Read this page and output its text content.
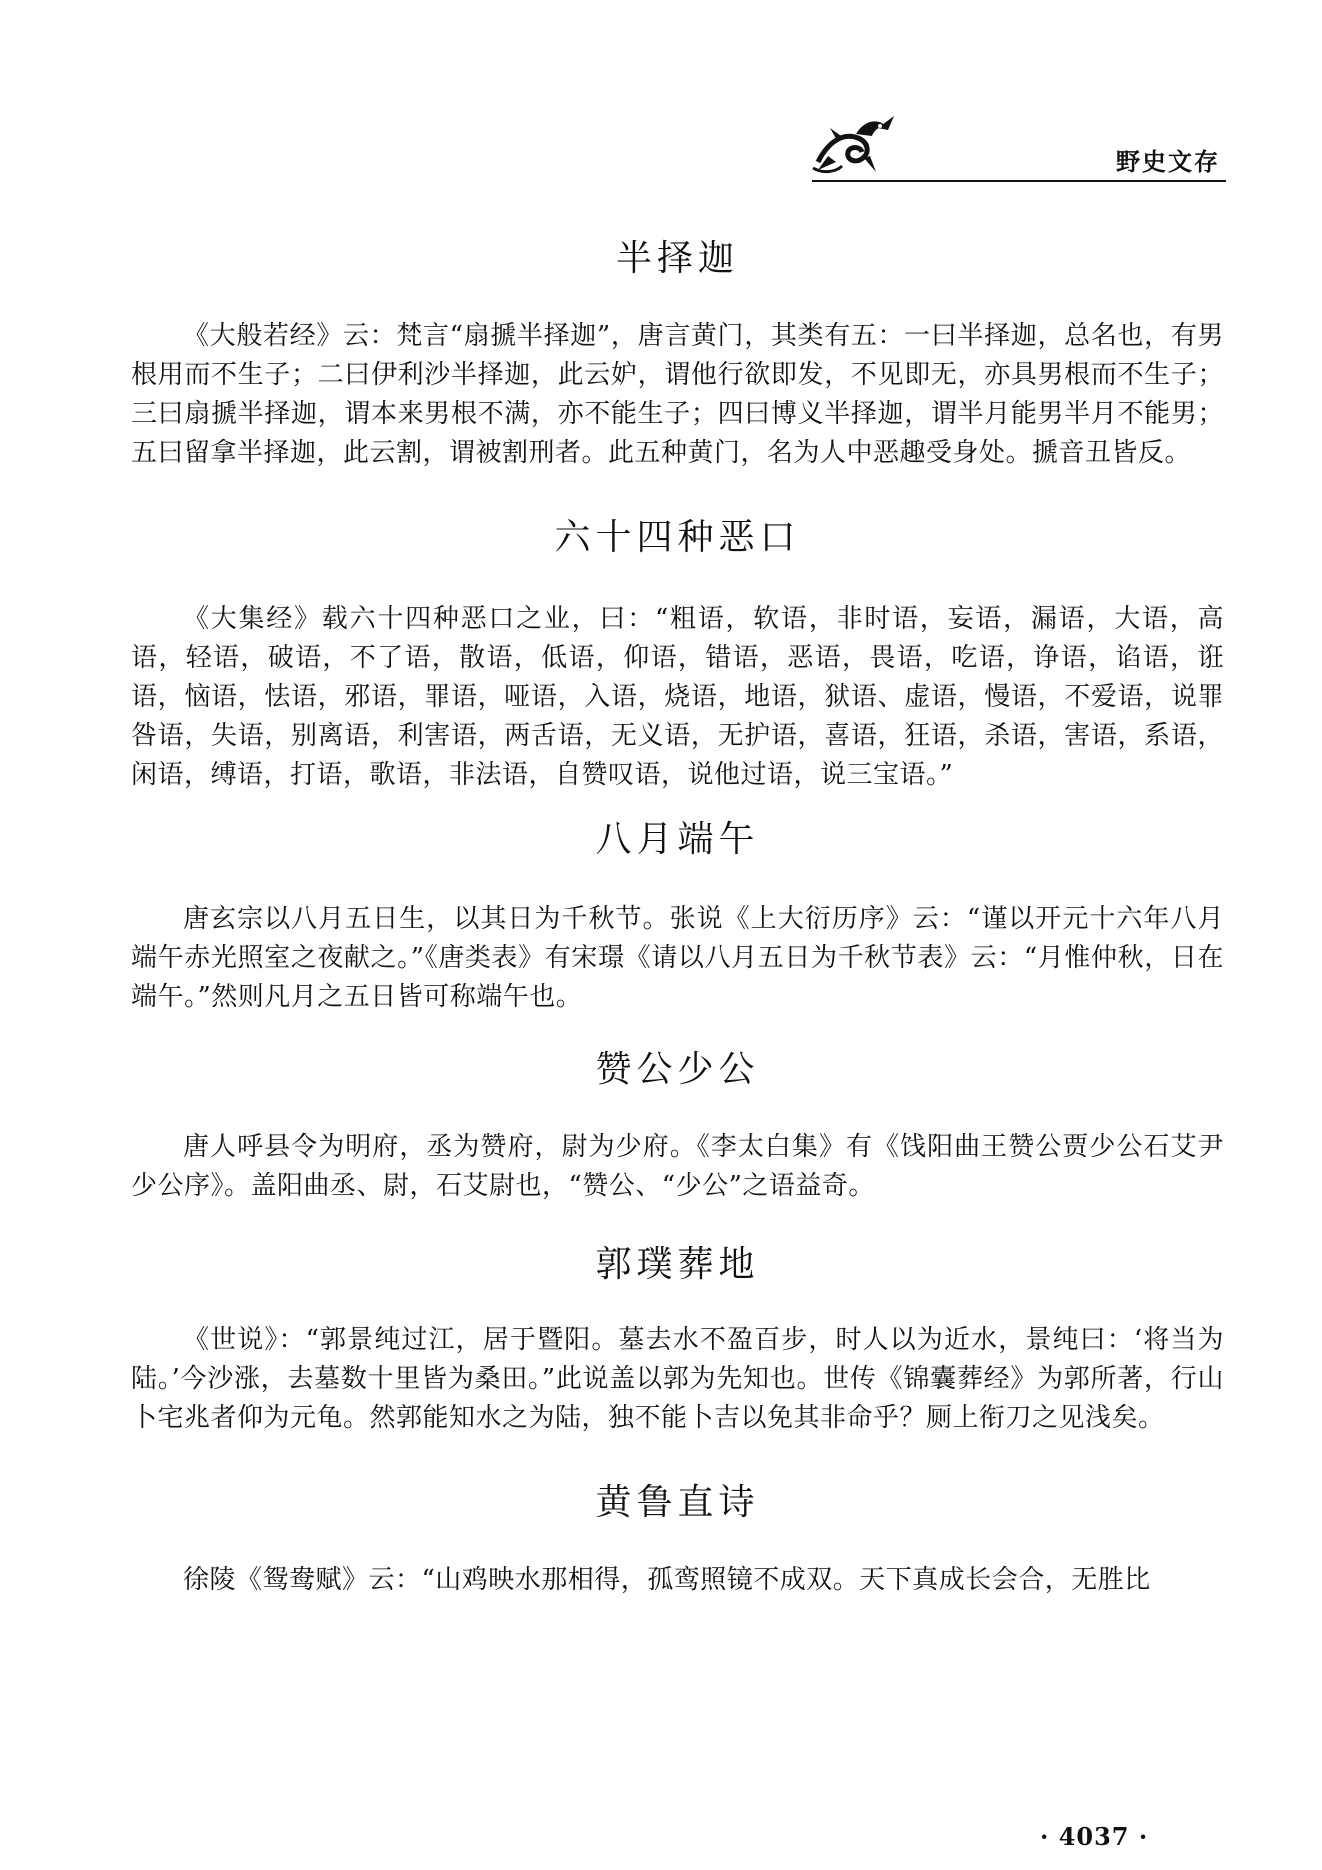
野史文存
半择迦

《大般若经》云：梵言“扇搋半择迦”，唐言黄门，其类有五：一曰半择迦，总名也，有男根用而不生子；二曰伊利沙半择迦，此云妒，谓他行欲即发，不见即无，亦具男根而不生子；三曰扇搋半择迦，谓本来男根不满，亦不能生子；四曰博义半择迦，谓半月能男半月不能男；五曰留拿半择迦，此云割，谓被割刑者。此五种黄门，名为人中恶趣受身处。搋音丑皆反。

六十四种恶口

《大集经》载六十四种恶口之业，曰：“粗语，软语，非时语，妄语，漏语，大语，高语，轻语，破语，不了语，散语，低语，仰语，错语，恶语，畏语，吃语，诤语，谄语，诳语，恼语，怯语，邪语，罪语，哑语，入语，烧语，地语，狱语、虚语，慢语，不爱语，说罪咎语，失语，别离语，利害语，两舌语，无义语，无护语，喜语，狂语，杀语，害语，系语，闲语，缚语，打语，歌语，非法语，自赞叹语，说他过语，说三宝语。”

八月端午

唐玄宗以八月五日生，以其日为千秋节。张说《上大衍历序》云：“谨以开元十六年八月端午赤光照室之夜献之。”《唐类表》有宋璟《请以八月五日为千秋节表》云：“月惟仲秋，日在端午。”然则凡月之五日皆可称端午也。

赞公少公

唐人呼县令为明府，丞为赞府，尉为少府。《李太白集》有《饯阳曲王赞公贾少公石艾尹少公序》。盖阳曲丞、尉，石艾尉也，“赞公、“少公”之语益奇。

郭璞葬地

《世说》：“郭景纯过江，居于暨阳。墓去水不盈百步，时人以为近水，景纯曰：‘将当为陆。’今沙涨，去墓数十里皆为桑田。”此说盖以郭为先知也。世传《锦囊葬经》为郭所著，行山卜宅兆者仰为元龟。然郭能知水之为陆，独不能卜吉以免其非命乎？厕上衔刀之见浅矣。

黄鲁直诗

徐陵《鸳鸯赋》云：“山鸡映水那相得，孤鸾照镜不成双。天下真成长会合，无胜比

· 4037 ·
